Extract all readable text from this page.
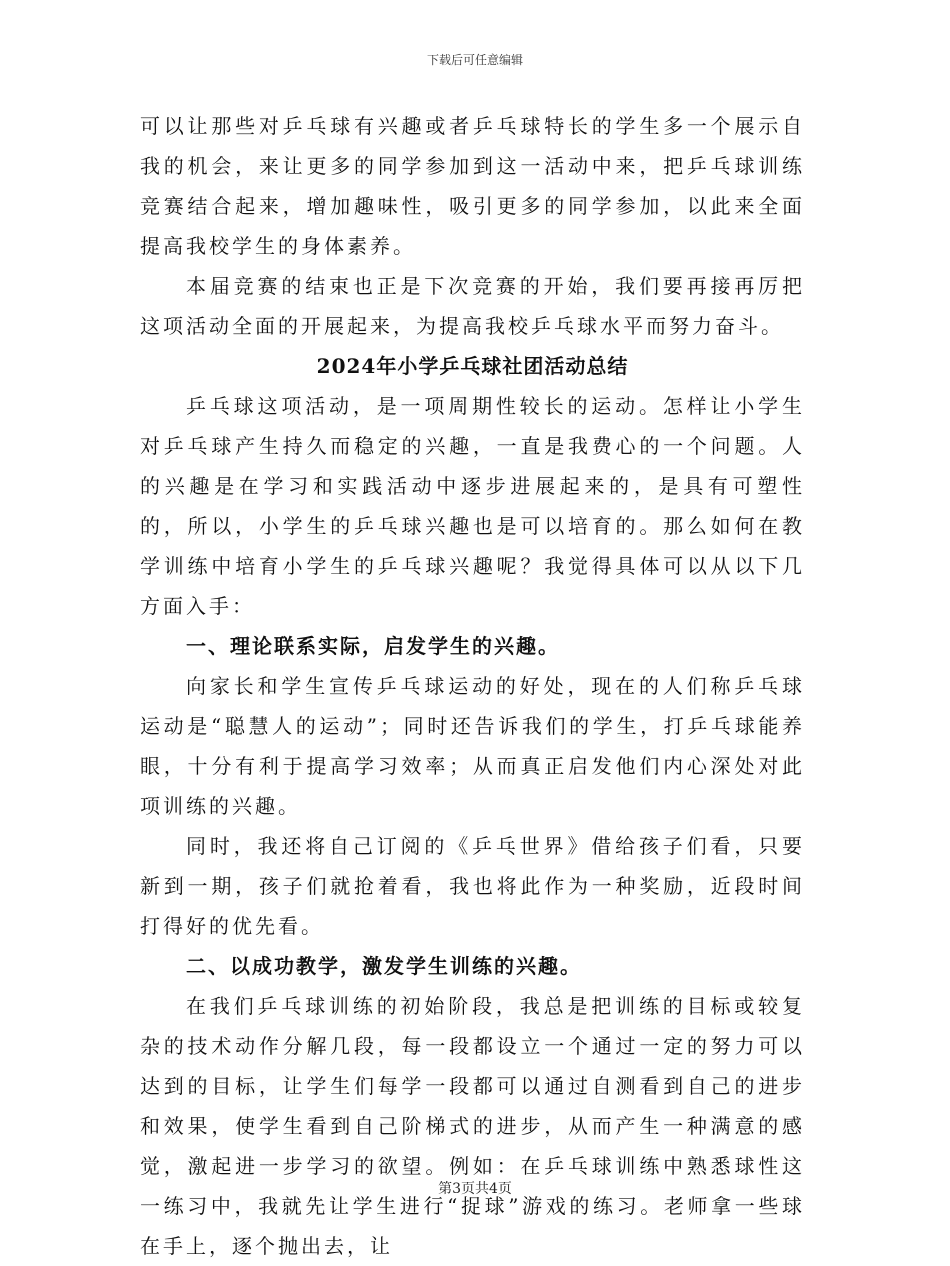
下载后可任意编辑

可以让那些对乒乓球有兴趣或者乒乓球特长的学生多一个展示自我的机会，来让更多的同学参加到这一活动中来，把乒乓球训练竞赛结合起来，增加趣味性，吸引更多的同学参加，以此来全面提高我校学生的身体素养。

本届竞赛的结束也正是下次竞赛的开始，我们要再接再厉把这项活动全面的开展起来，为提高我校乒乓球水平而努力奋斗。

2024年小学乒乓球社团活动总结

乒乓球这项活动，是一项周期性较长的运动。怎样让小学生对乒乓球产生持久而稳定的兴趣，一直是我费心的一个问题。人的兴趣是在学习和实践活动中逐步进展起来的，是具有可塑性的，所以，小学生的乒乓球兴趣也是可以培育的。那么如何在教学训练中培育小学生的乒乓球兴趣呢？我觉得具体可以从以下几方面入手：

一、理论联系实际，启发学生的兴趣。

向家长和学生宣传乒乓球运动的好处，现在的人们称乒乓球运动是“聪慧人的运动”；同时还告诉我们的学生，打乒乓球能养眼，十分有利于提高学习效率；从而真正启发他们内心深处对此项训练的兴趣。

同时，我还将自己订阅的《乒乓世界》借给孩子们看，只要新到一期，孩子们就抢着看，我也将此作为一种奖励，近段时间打得好的优先看。

二、以成功教学，激发学生训练的兴趣。

在我们乒乓球训练的初始阶段，我总是把训练的目标或较复杂的技术动作分解几段，每一段都设立一个通过一定的努力可以达到的目标，让学生们每学一段都可以通过自测看到自己的进步和效果，使学生看到自己阶梯式的进步，从而产生一种满意的感觉，激起进一步学习的欲望。例如：在乒乓球训练中熟悉球性这一练习中，我就先让学生进行“捉球”游戏的练习。老师拿一些球在手上，逐个抛出去，让

第3页共4页
